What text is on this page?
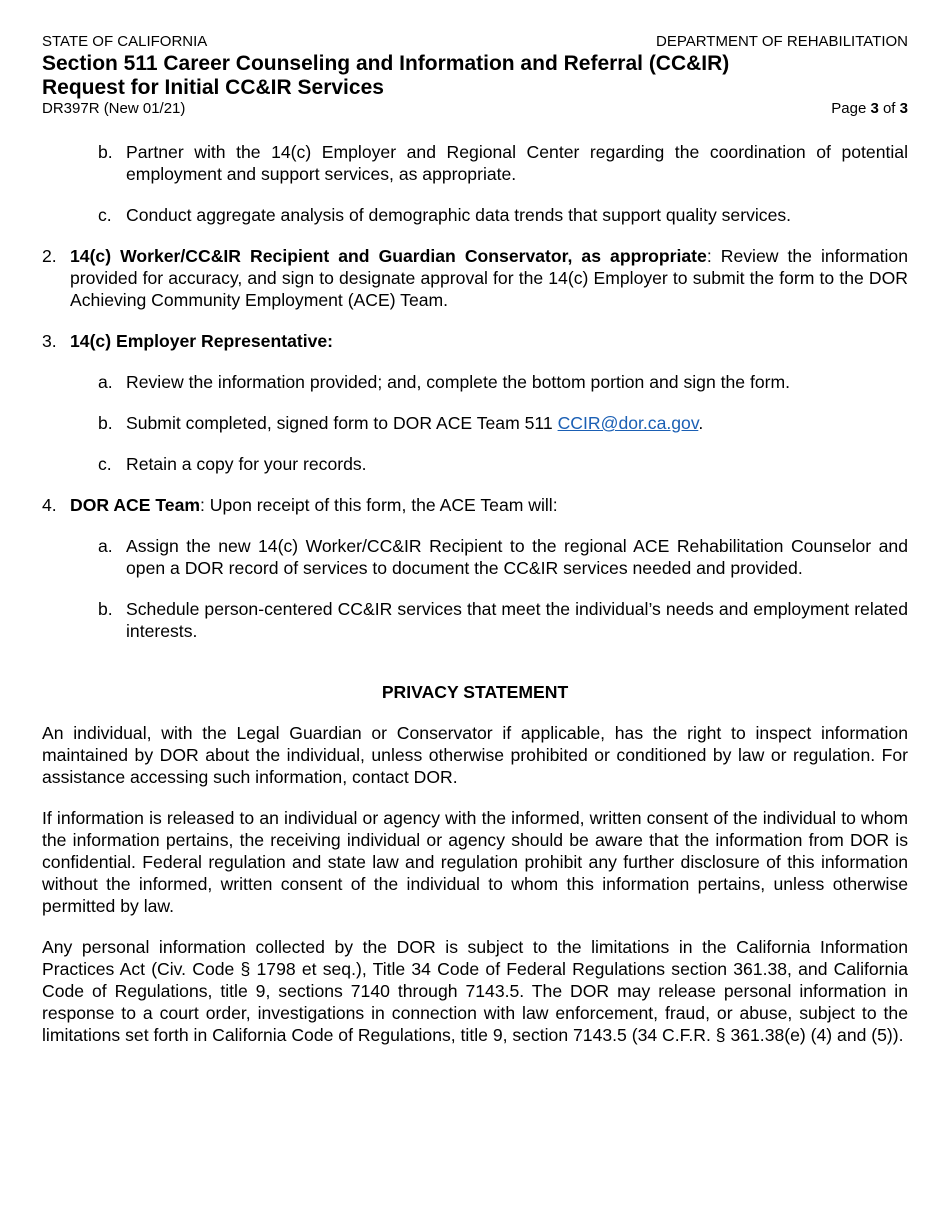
STATE OF CALIFORNIA	DEPARTMENT OF REHABILITATION
Section 511 Career Counseling and Information and Referral (CC&IR)
Request for Initial CC&IR Services
DR397R (New 01/21)	Page 3 of 3
b. Partner with the 14(c) Employer and Regional Center regarding the coordination of potential employment and support services, as appropriate.
c. Conduct aggregate analysis of demographic data trends that support quality services.
2. 14(c) Worker/CC&IR Recipient and Guardian Conservator, as appropriate: Review the information provided for accuracy, and sign to designate approval for the 14(c) Employer to submit the form to the DOR Achieving Community Employment (ACE) Team.
3. 14(c) Employer Representative:
a. Review the information provided; and, complete the bottom portion and sign the form.
b. Submit completed, signed form to DOR ACE Team 511 CCIR@dor.ca.gov.
c. Retain a copy for your records.
4. DOR ACE Team: Upon receipt of this form, the ACE Team will:
a. Assign the new 14(c) Worker/CC&IR Recipient to the regional ACE Rehabilitation Counselor and open a DOR record of services to document the CC&IR services needed and provided.
b. Schedule person-centered CC&IR services that meet the individual’s needs and employment related interests.
PRIVACY STATEMENT
An individual, with the Legal Guardian or Conservator if applicable, has the right to inspect information maintained by DOR about the individual, unless otherwise prohibited or conditioned by law or regulation. For assistance accessing such information, contact DOR.
If information is released to an individual or agency with the informed, written consent of the individual to whom the information pertains, the receiving individual or agency should be aware that the information from DOR is confidential. Federal regulation and state law and regulation prohibit any further disclosure of this information without the informed, written consent of the individual to whom this information pertains, unless otherwise permitted by law.
Any personal information collected by the DOR is subject to the limitations in the California Information Practices Act (Civ. Code § 1798 et seq.), Title 34 Code of Federal Regulations section 361.38, and California Code of Regulations, title 9, sections 7140 through 7143.5. The DOR may release personal information in response to a court order, investigations in connection with law enforcement, fraud, or abuse, subject to the limitations set forth in California Code of Regulations, title 9, section 7143.5 (34 C.F.R. § 361.38(e) (4) and (5)).
